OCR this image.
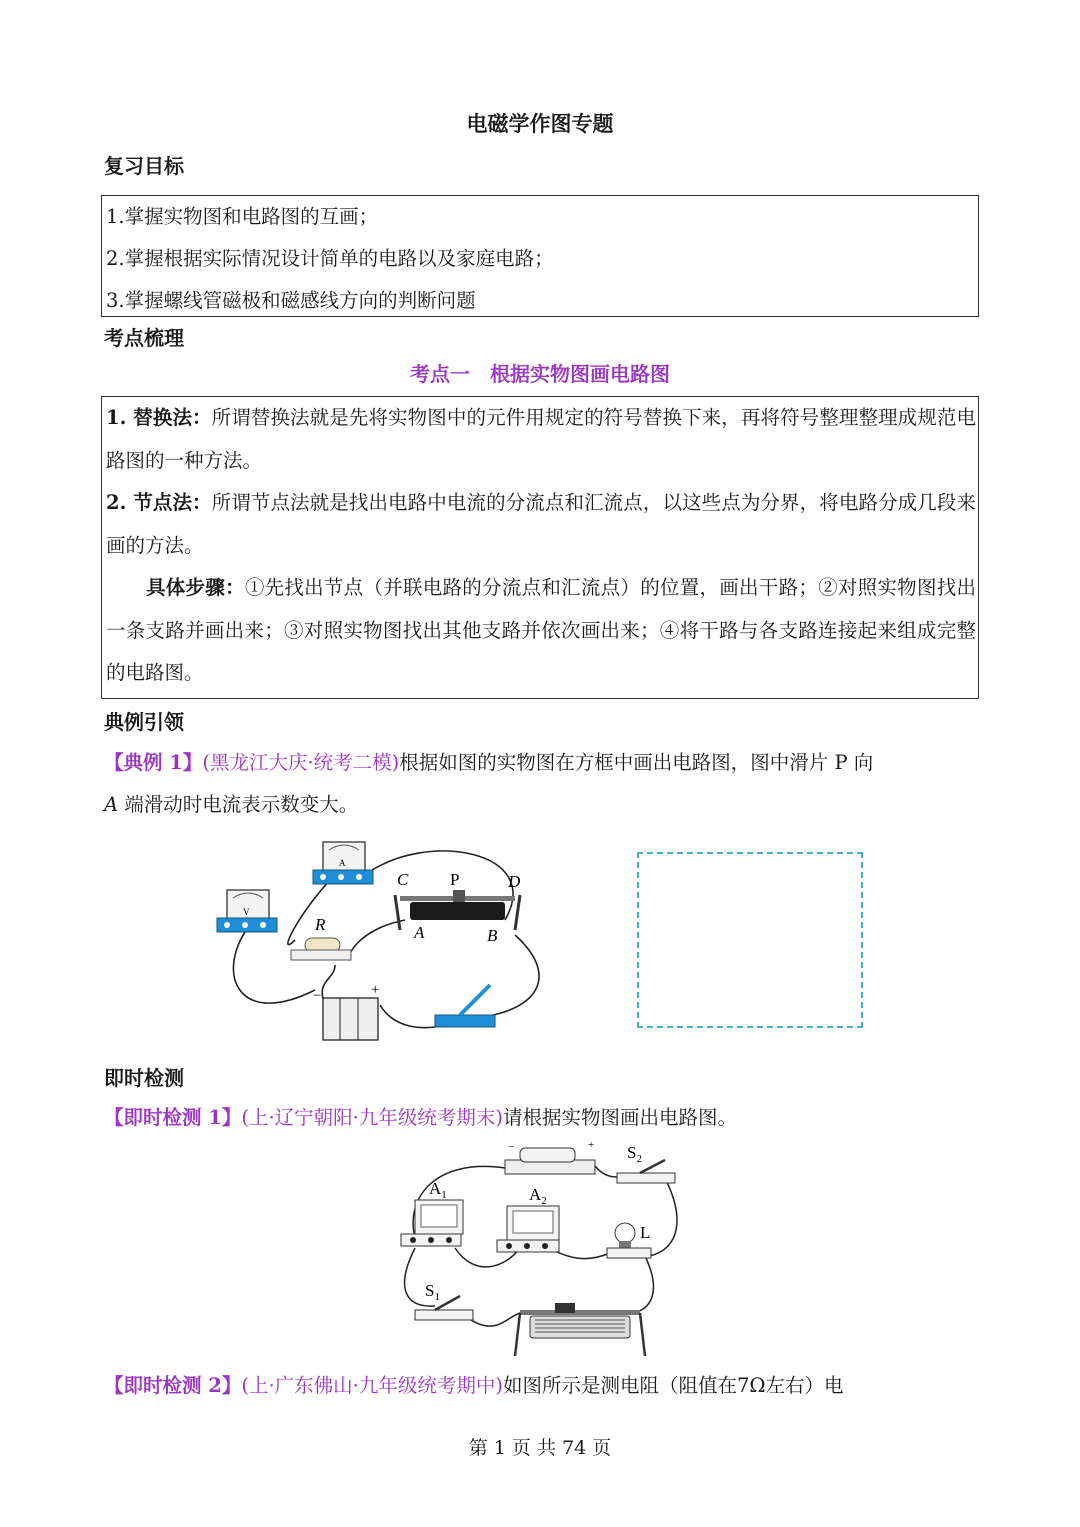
电磁学作图专题
复习目标
1.掌握实物图和电路图的互画；
2.掌握根据实际情况设计简单的电路以及家庭电路；
3.掌握螺线管磁极和磁感线方向的判断问题
考点梳理
考点一　根据实物图画电路图
1. 替换法：所谓替换法就是先将实物图中的元件用规定的符号替换下来，再将符号整理整理成规范电路图的一种方法。
2. 节点法：所谓节点法就是找出电路中电流的分流点和汇流点，以这些点为分界，将电路分成几段来画的方法。
具体步骤：①先找出节点（并联电路的分流点和汇流点）的位置，画出干路；②对照实物图找出一条支路并画出来；③对照实物图找出其他支路并依次画出来；④将干路与各支路连接起来组成完整的电路图。
典例引领
【典例 1】(黑龙江大庆·统考二模)根据如图的实物图在方框中画出电路图，图中滑片 P 向
A 端滑动时电流表示数变大。
V
A
R
C P	D
A	B
−	+
即时检测
【即时检测 1】(上·辽宁朝阳·九年级统考期末)请根据实物图画出电路图。
−	+ $S_2$
$A_1$	$A_2$
L
$S_1$
【即时检测 2】(上·广东佛山·九年级统考期中)如图所示是测电阻（阻值在7Ω左右）电
第 1 页 共 74 页
